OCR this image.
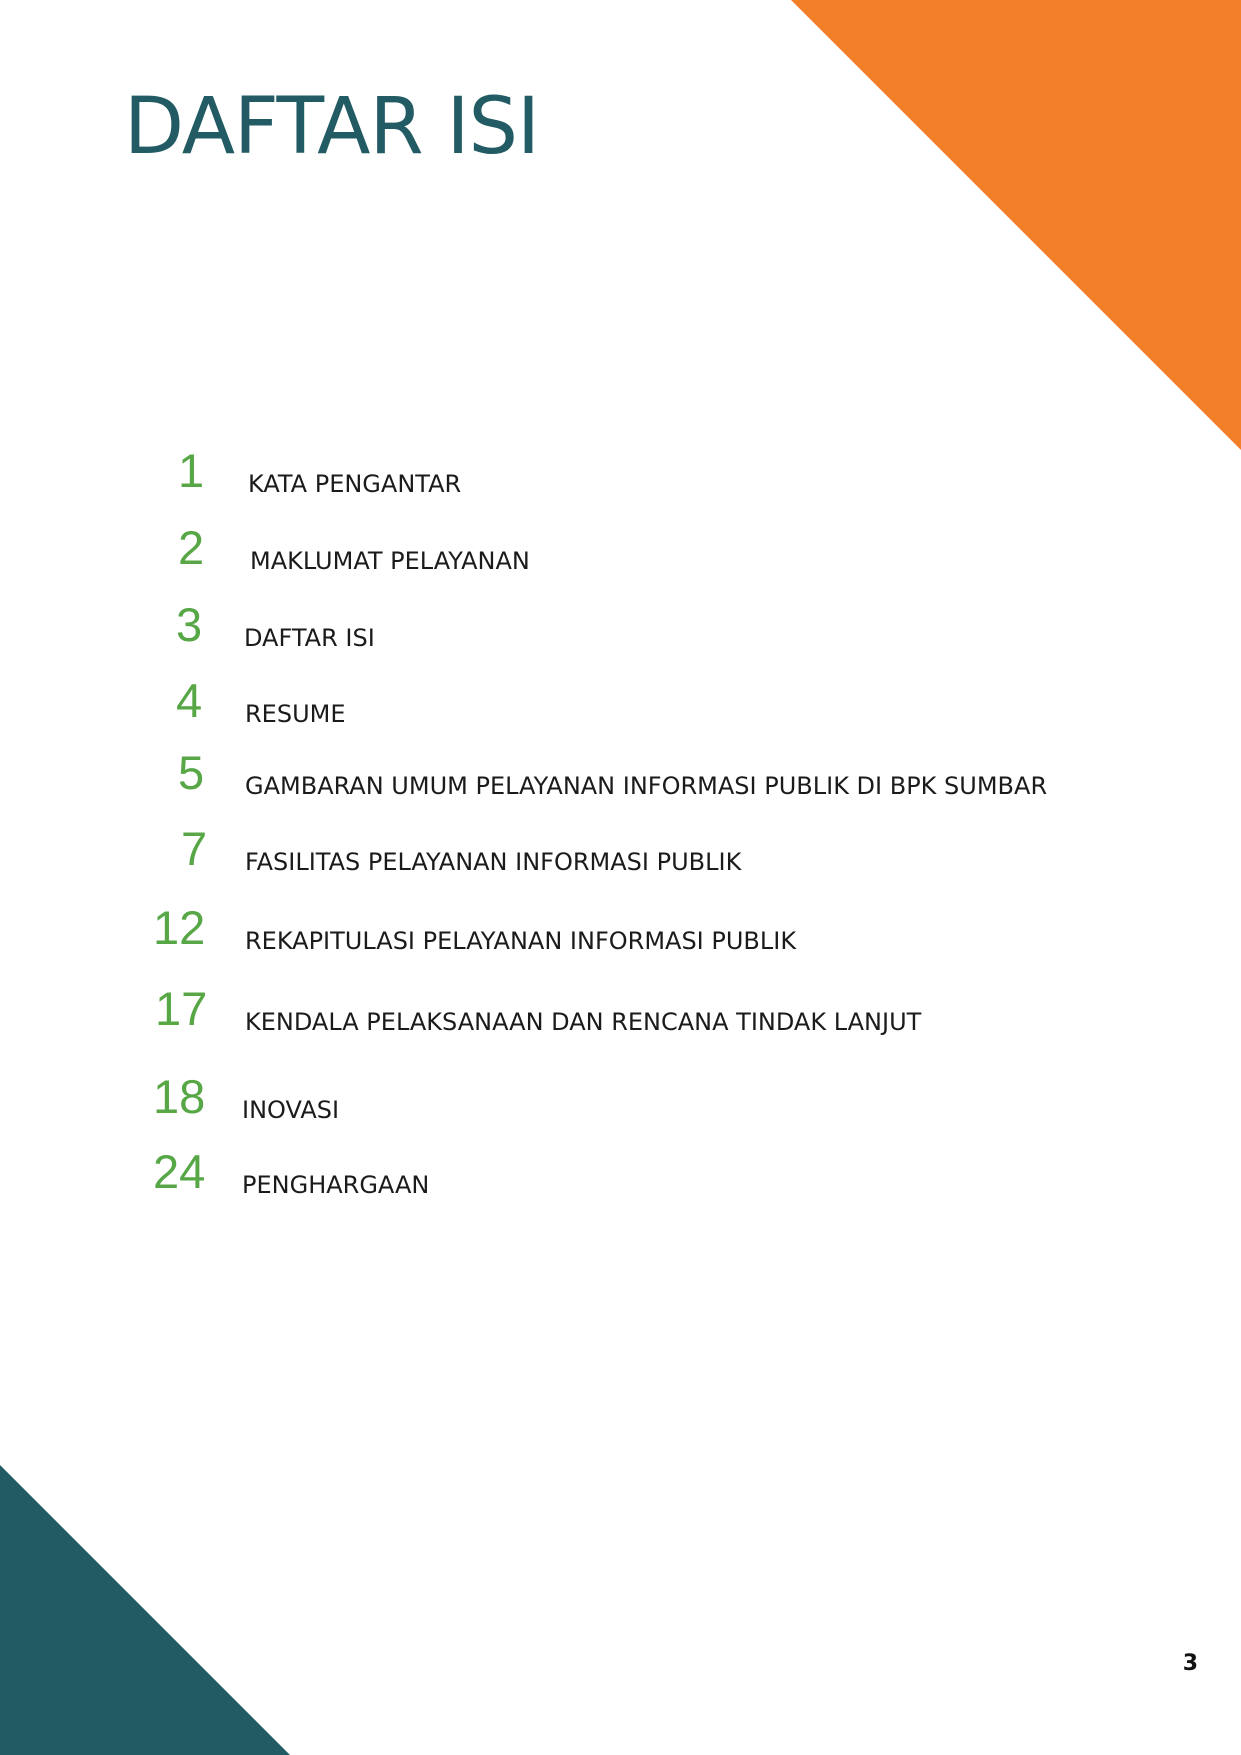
DAFTAR ISI
1 KATA PENGANTAR
2 MAKLUMAT PELAYANAN
3 DAFTAR ISI
4 RESUME
5 GAMBARAN UMUM PELAYANAN INFORMASI PUBLIK DI BPK SUMBAR
7 FASILITAS PELAYANAN INFORMASI PUBLIK
12 REKAPITULASI PELAYANAN INFORMASI PUBLIK
17 KENDALA PELAKSANAAN DAN RENCANA TINDAK LANJUT
18 INOVASI
24 PENGHARGAAN
3
